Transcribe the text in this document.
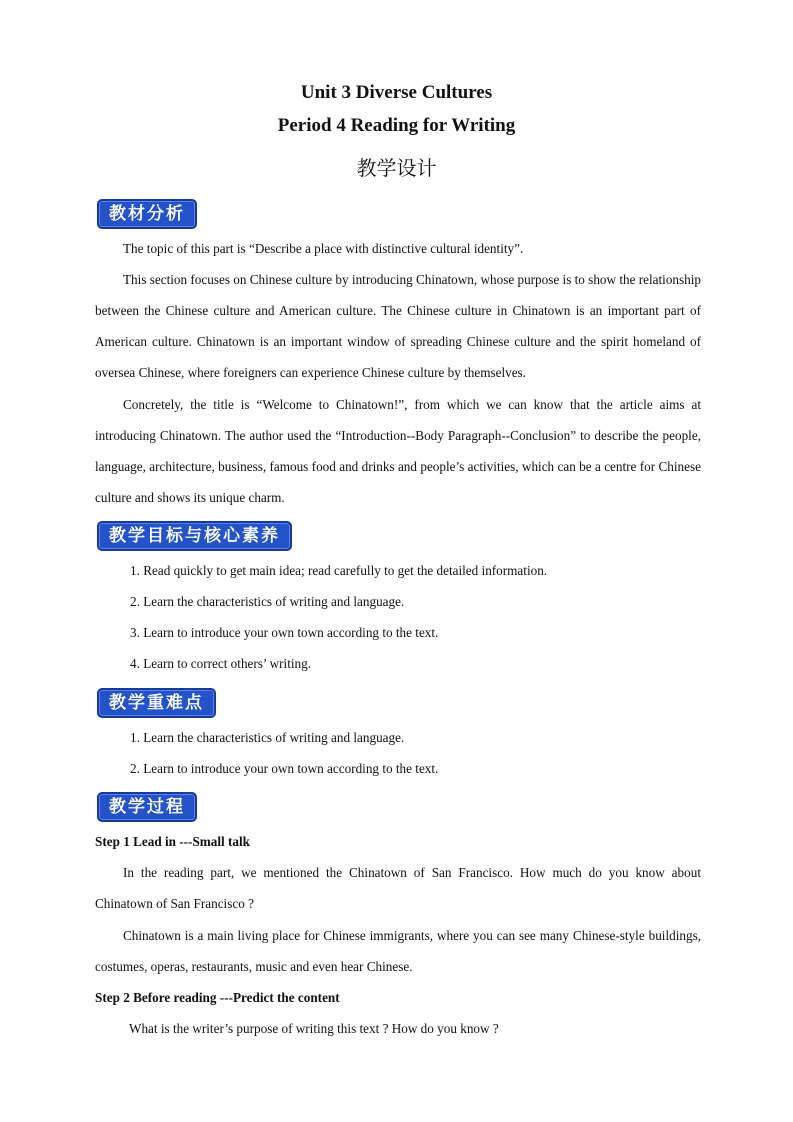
Unit 3 Diverse Cultures
Period 4 Reading for Writing
教学设计
教材分析

The topic of this part is “Describe a place with distinctive cultural identity”.

This section focuses on Chinese culture by introducing Chinatown, whose purpose is to show the relationship between the Chinese culture and American culture. The Chinese culture in Chinatown is an important part of American culture. Chinatown is an important window of spreading Chinese culture and the spirit homeland of oversea Chinese, where foreigners can experience Chinese culture by themselves.

Concretely, the title is “Welcome to Chinatown!”, from which we can know that the article aims at introducing Chinatown. The author used the “Introduction--Body Paragraph--Conclusion” to describe the people, language, architecture, business, famous food and drinks and people’s activities, which can be a centre for Chinese culture and shows its unique charm.

教学目标与核心素养
1. Read quickly to get main idea; read carefully to get the detailed information.
2. Learn the characteristics of writing and language.
3. Learn to introduce your own town according to the text.
4. Learn to correct others’ writing.
教学重难点
1. Learn the characteristics of writing and language.
2. Learn to introduce your own town according to the text.
教学过程
Step 1 Lead in ---Small talk

In the reading part, we mentioned the Chinatown of San Francisco. How much do you know about Chinatown of San Francisco ?

Chinatown is a main living place for Chinese immigrants, where you can see many Chinese-style buildings, costumes, operas, restaurants, music and even hear Chinese.

Step 2 Before reading ---Predict the content
What is the writer’s purpose of writing this text ? How do you know ?
